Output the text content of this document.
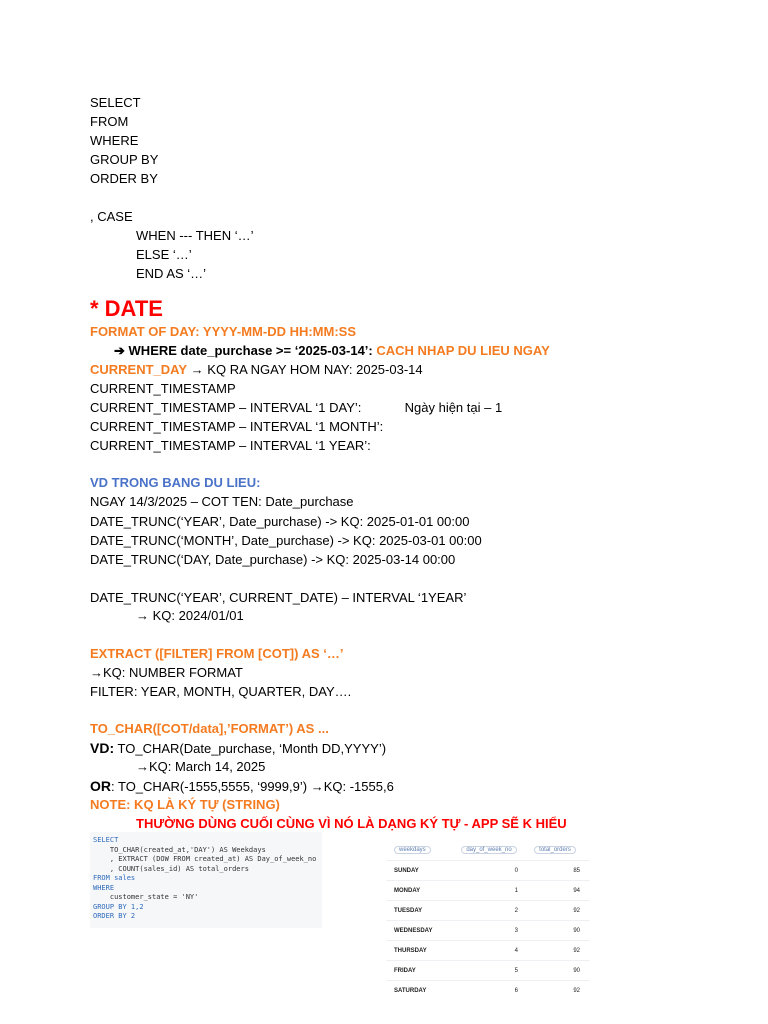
SELECT
FROM
WHERE
GROUP BY
ORDER BY
, CASE
WHEN --- THEN ‘…’
ELSE ‘…’
END AS ‘…’
* DATE
FORMAT OF DAY: YYYY-MM-DD HH:MM:SS
➔ WHERE date_purchase >= ‘2025-03-14’: CACH NHAP DU LIEU NGAY
CURRENT_DAY → KQ RA NGAY HOM NAY: 2025-03-14
CURRENT_TIMESTAMP
CURRENT_TIMESTAMP – INTERVAL ‘1 DAY’:	Ngày hiện tại – 1
CURRENT_TIMESTAMP – INTERVAL ‘1 MONTH’:
CURRENT_TIMESTAMP – INTERVAL ‘1 YEAR’:
VD TRONG BANG DU LIEU:
NGAY 14/3/2025 – COT TEN: Date_purchase
DATE_TRUNC(‘YEAR’, Date_purchase) -> KQ: 2025-01-01 00:00
DATE_TRUNC(‘MONTH’, Date_purchase) -> KQ: 2025-03-01 00:00
DATE_TRUNC(‘DAY, Date_purchase) -> KQ: 2025-03-14 00:00
DATE_TRUNC(‘YEAR’, CURRENT_DATE) – INTERVAL ‘1YEAR’
→ KQ: 2024/01/01
EXTRACT ([FILTER] FROM [COT]) AS ‘…’
→KQ: NUMBER FORMAT
FILTER: YEAR, MONTH, QUARTER, DAY….
TO_CHAR([COT/data],’FORMAT’) AS ...
VD: TO_CHAR(Date_purchase, ‘Month DD,YYYY’)
→KQ: March 14, 2025
OR: TO_CHAR(-1555,5555, ‘9999,9’) →KQ: -1555,6
NOTE: KQ LÀ KÝ TỰ (STRING)
THƯỜNG DÙNG CUỐI CÙNG VÌ NÓ LÀ DẠNG KÝ TỰ - APP SẼ K HIỂU
SELECT
TO_CHAR(created_at,'DAY') AS Weekdays
, EXTRACT (DOW FROM created_at) AS Day_of_week_no
, COUNT(sales_id) AS total_orders
FROM sales
WHERE
customer_state = 'NY'
GROUP BY 1,2
ORDER BY 2
weekdays	day_of_week_no	total_orders
SUNDAY	0	85
MONDAY	1	94
TUESDAY	2	92
WEDNESDAY	3	90
THURSDAY	4	92
FRIDAY	5	90
SATURDAY	6	92
